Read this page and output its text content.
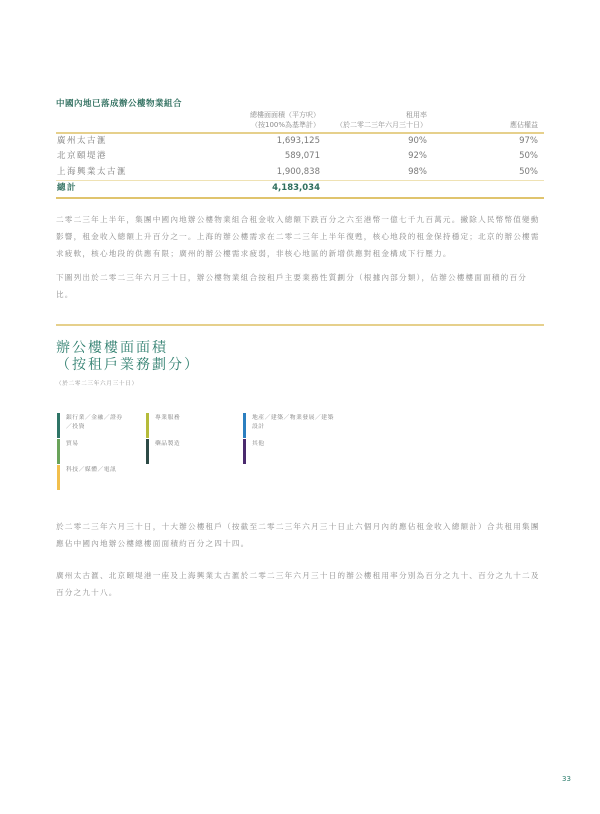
中國內地已落成辦公樓物業組合
總樓面面積（平方呎）
（按100%為基準計）
租用率
（於二零二三年六月三十日）	應佔權益
廣州太古滙	1,693,125	90%	97%
北京頤堤港	589,071	92%	50%
上海興業太古滙	1,900,838	98%	50%
總計	4,183,034

二零二三年上半年，集團中國內地辦公樓物業組合租金收入總額下跌百分之六至港幣一億七千九百萬元。撇除人民幣幣值變動影響，租金收入總額上升百分之一。上海的辦公樓需求在二零二三年上半年復甦，核心地段的租金保持穩定；北京的辦公樓需求疲軟，核心地段的供應有限；廣州的辦公樓需求疲弱，非核心地區的新增供應對租金構成下行壓力。

下圖列出於二零二三年六月三十日，辦公樓物業組合按租戶主要業務性質劃分（根據內部分類），佔辦公樓樓面面積的百分比。

辦公樓樓面面積
（按租戶業務劃分）
（於二零二三年六月三十日）
銀行業／金融／證券／投資
專業服務	地產／建築／物業發展／建築設計
貿易	藥品製造	其他
科技／媒體／電訊

於二零二三年六月三十日，十大辦公樓租戶（按截至二零二三年六月三十日止六個月內的應佔租金收入總額計）合共租用集團應佔中國內地辦公樓總樓面面積約百分之四十四。

廣州太古滙、北京頤堤港一座及上海興業太古滙於二零二三年六月三十日的辦公樓租用率分別為百分之九十、百分之九十二及百分之九十八。

33
